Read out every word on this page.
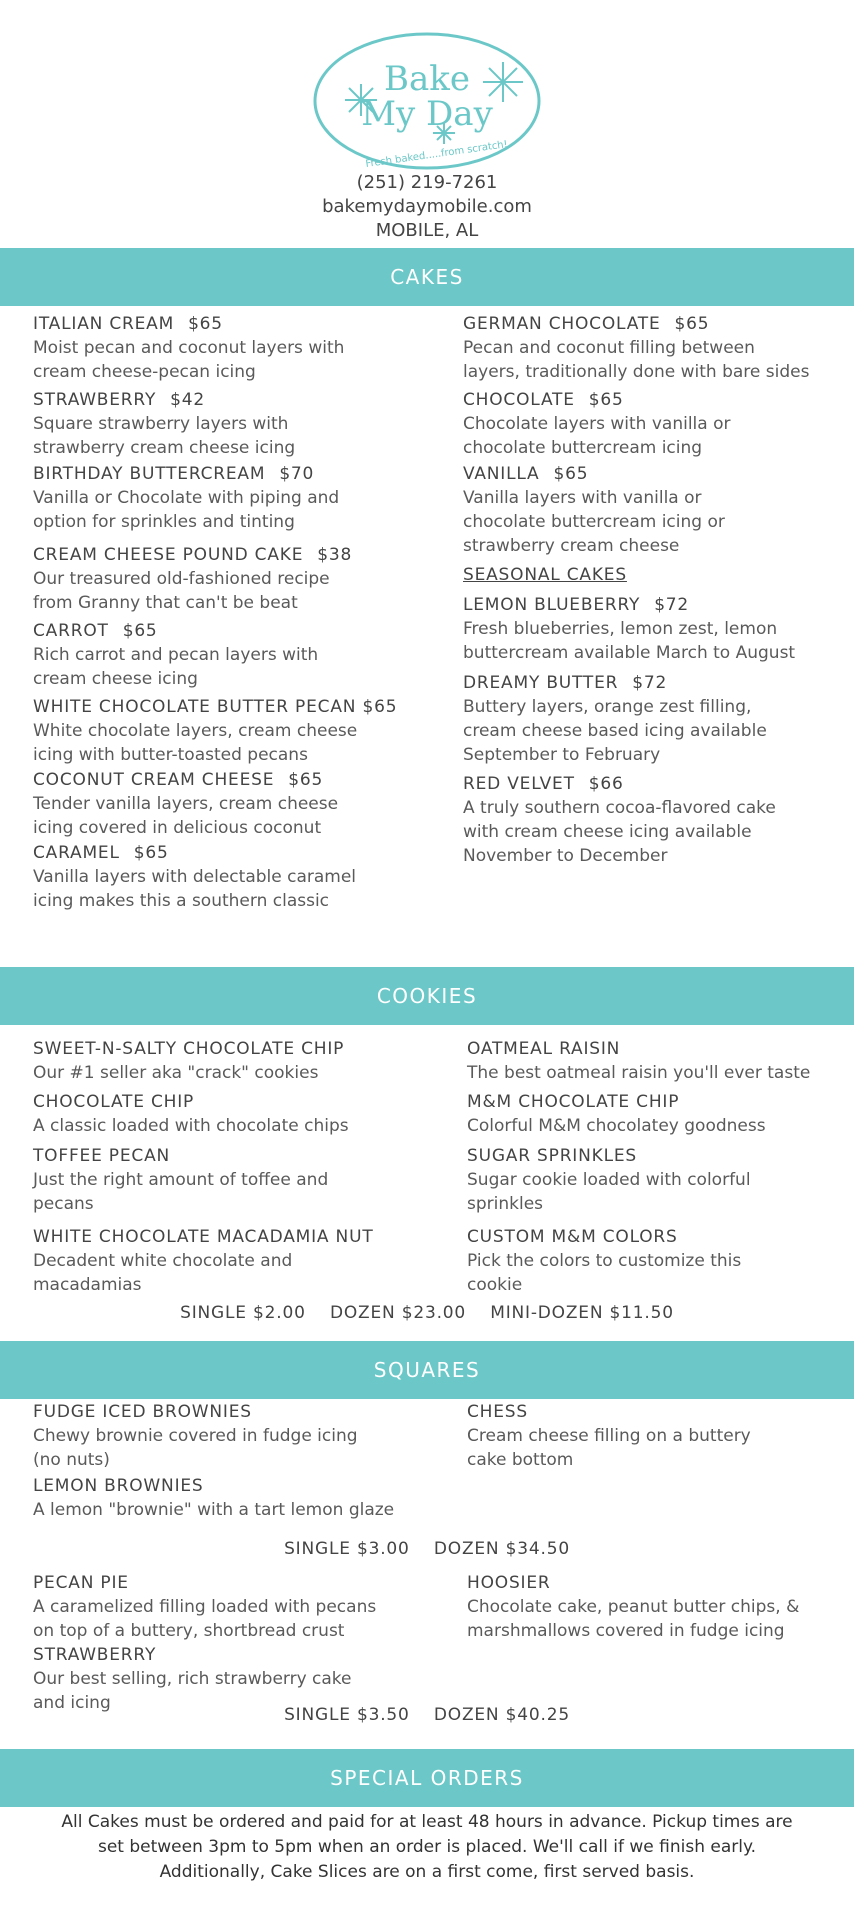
Bake
My Day
Fresh baked.....from scratch!
(251) 219-7261
bakemydaymobile.com
MOBILE, AL
CAKES
ITALIAN CREAM $65
Moist pecan and coconut layers with
cream cheese-pecan icing
STRAWBERRY $42
Square strawberry layers with
strawberry cream cheese icing
BIRTHDAY BUTTERCREAM $70
Vanilla or Chocolate with piping and
option for sprinkles and tinting
CREAM CHEESE POUND CAKE $38
Our treasured old-fashioned recipe
from Granny that can't be beat
CARROT $65
Rich carrot and pecan layers with
cream cheese icing
WHITE CHOCOLATE BUTTER PECAN $65
White chocolate layers, cream cheese
icing with butter-toasted pecans
COCONUT CREAM CHEESE $65
Tender vanilla layers, cream cheese
icing covered in delicious coconut
CARAMEL $65
Vanilla layers with delectable caramel
icing makes this a southern classic
GERMAN CHOCOLATE $65
Pecan and coconut filling between
layers, traditionally done with bare sides
CHOCOLATE $65
Chocolate layers with vanilla or
chocolate buttercream icing
VANILLA $65
Vanilla layers with vanilla or
chocolate buttercream icing or
strawberry cream cheese
SEASONAL CAKES
LEMON BLUEBERRY $72
Fresh blueberries, lemon zest, lemon
buttercream available March to August
DREAMY BUTTER $72
Buttery layers, orange zest filling,
cream cheese based icing available
September to February
RED VELVET $66
A truly southern cocoa-flavored cake
with cream cheese icing available
November to December
COOKIES
SWEET-N-SALTY CHOCOLATE CHIP
Our #1 seller aka "crack" cookies
CHOCOLATE CHIP
A classic loaded with chocolate chips
TOFFEE PECAN
Just the right amount of toffee and
pecans
WHITE CHOCOLATE MACADAMIA NUT
Decadent white chocolate and
macadamias
OATMEAL RAISIN
The best oatmeal raisin you'll ever taste
M&M CHOCOLATE CHIP
Colorful M&M chocolatey goodness
SUGAR SPRINKLES
Sugar cookie loaded with colorful
sprinkles
CUSTOM M&M COLORS
Pick the colors to customize this
cookie
SINGLE $2.00 DOZEN $23.00 MINI-DOZEN $11.50
SQUARES
FUDGE ICED BROWNIES
Chewy brownie covered in fudge icing
(no nuts)
LEMON BROWNIES
A lemon "brownie" with a tart lemon glaze
CHESS
Cream cheese filling on a buttery
cake bottom
SINGLE $3.00 DOZEN $34.50
PECAN PIE
A caramelized filling loaded with pecans
on top of a buttery, shortbread crust
STRAWBERRY
Our best selling, rich strawberry cake
and icing
HOOSIER
Chocolate cake, peanut butter chips, &
marshmallows covered in fudge icing
SINGLE $3.50 DOZEN $40.25
SPECIAL ORDERS
All Cakes must be ordered and paid for at least 48 hours in advance. Pickup times are
set between 3pm to 5pm when an order is placed. We'll call if we finish early.
Additionally, Cake Slices are on a first come, first served basis.
